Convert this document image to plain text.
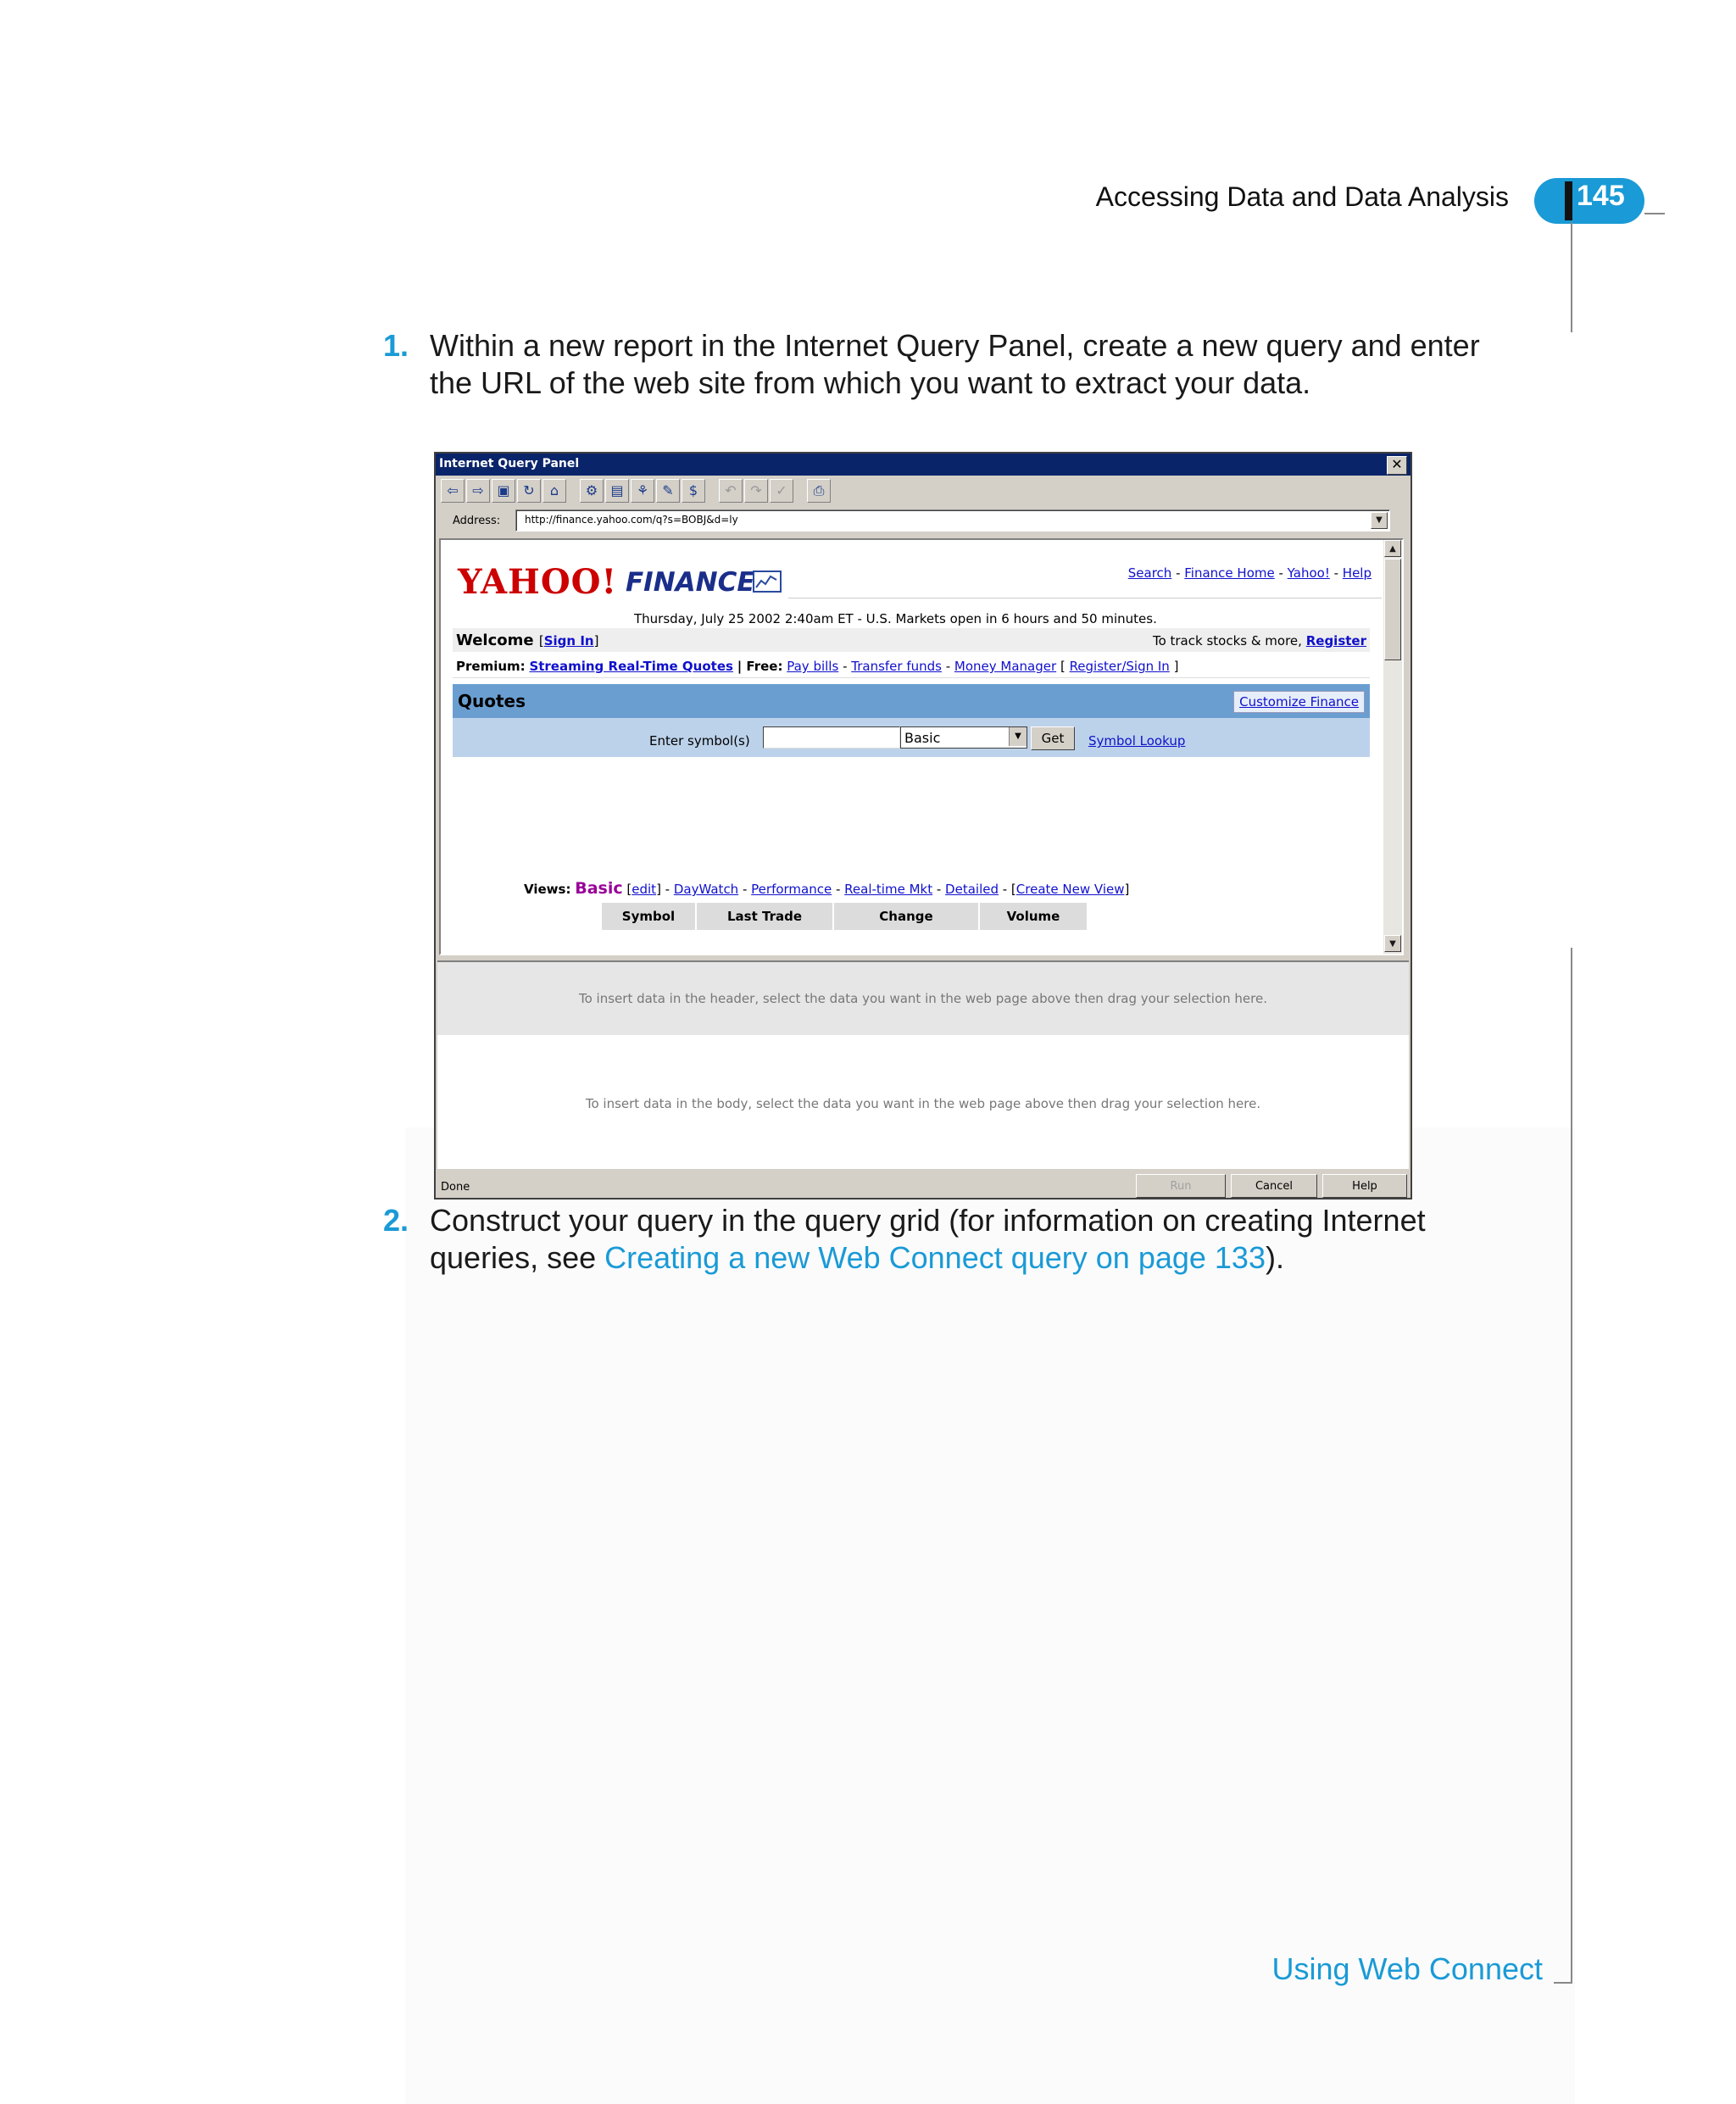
Accessing Data and Data Analysis 145
1. Within a new report in the Internet Query Panel, create a new query and enter
the URL of the web site from which you want to extract your data.
Internet Query Panel	✕
⇦	⇨ ▣ ↻	⌂	⚙ ▤ ⚘	✎	$	↶	↷	✓	⎙
Address: http://finance.yahoo.com/q?s=BOBJ&d=ly	▼
YAHOO! FINANCE	Search - Finance Home - Yahoo! - Help
Thursday, July 25 2002 2:40am ET - U.S. Markets open in 6 hours and 50 minutes.
Welcome [Sign In]	To track stocks & more, Register
Premium: Streaming Real-Time Quotes | Free: Pay bills - Transfer funds - Money Manager [ Register/Sign In ]
Quotes	Customize Finance
Enter symbol(s)	Basic	▼	Get	Symbol Lookup
Views: Basic [edit] - DayWatch - Performance - Real-time Mkt - Detailed - [Create New View]
Symbol	Last Trade	Change	Volume
▲
▼
To insert data in the header, select the data you want in the web page above then drag your selection here.
To insert data in the body, select the data you want in the web page above then drag your selection here.
Done	Run	Cancel	Help
2. Construct your query in the query grid (for information on creating Internet
queries, see Creating a new Web Connect query on page 133).
Using Web Connect
